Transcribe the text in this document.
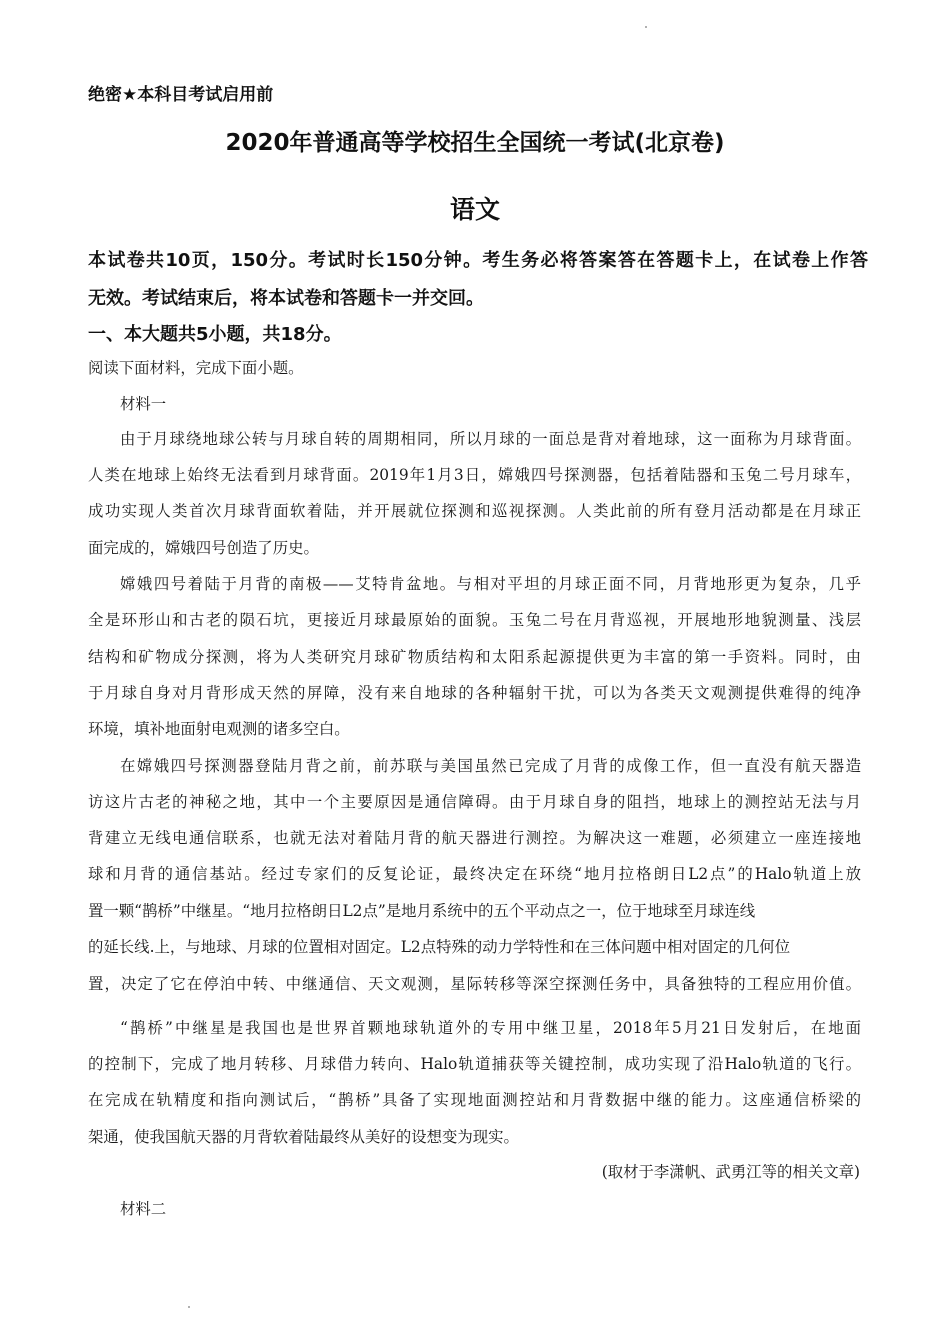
绝密★本科目考试启用前
2020年普通高等学校招生全国统一考试(北京卷)
语文
本试卷共10页，150分。考试时长150分钟。考生务必将答案答在答题卡上，在试卷上作答
无效。考试结束后，将本试卷和答题卡一并交回。
一、本大题共5小题，共18分。
阅读下面材料，完成下面小题。
材料一
由于月球绕地球公转与月球自转的周期相同，所以月球的一面总是背对着地球，这一面称为月球背面。
人类在地球上始终无法看到月球背面。2019年1月3日，嫦娥四号探测器，包括着陆器和玉兔二号月球车，
成功实现人类首次月球背面软着陆，并开展就位探测和巡视探测。人类此前的所有登月活动都是在月球正
面完成的，嫦娥四号创造了历史。
嫦娥四号着陆于月背的南极——艾特肯盆地。与相对平坦的月球正面不同，月背地形更为复杂，几乎
全是环形山和古老的陨石坑，更接近月球最原始的面貌。玉兔二号在月背巡视，开展地形地貌测量、浅层
结构和矿物成分探测，将为人类研究月球矿物质结构和太阳系起源提供更为丰富的第一手资料。同时，由
于月球自身对月背形成天然的屏障，没有来自地球的各种辐射干扰，可以为各类天文观测提供难得的纯净
环境，填补地面射电观测的诸多空白。
在嫦娥四号探测器登陆月背之前，前苏联与美国虽然已完成了月背的成像工作，但一直没有航天器造
访这片古老的神秘之地，其中一个主要原因是通信障碍。由于月球自身的阻挡，地球上的测控站无法与月
背建立无线电通信联系，也就无法对着陆月背的航天器进行测控。为解决这一难题，必须建立一座连接地
球和月背的通信基站。经过专家们的反复论证，最终决定在环绕“地月拉格朗日L2点”的Halo轨道上放
置一颗“鹊桥”中继星。“地月拉格朗日L2点”是地月系统中的五个平动点之一，位于地球至月球连线
的延长线.上，与地球、月球的位置相对固定。L2点特殊的动力学特性和在三体问题中相对固定的几何位
置，决定了它在停泊中转、中继通信、天文观测，星际转移等深空探测任务中，具备独特的工程应用价值。
“鹊桥”中继星是我国也是世界首颗地球轨道外的专用中继卫星，2018年5月21日发射后，在地面
的控制下，完成了地月转移、月球借力转向、Halo轨道捕获等关键控制，成功实现了沿Halo轨道的飞行。
在完成在轨精度和指向测试后，“鹊桥”具备了实现地面测控站和月背数据中继的能力。这座通信桥梁的
架通，使我国航天器的月背软着陆最终从美好的设想变为现实。
(取材于李潇帆、武勇江等的相关文章)
材料二
